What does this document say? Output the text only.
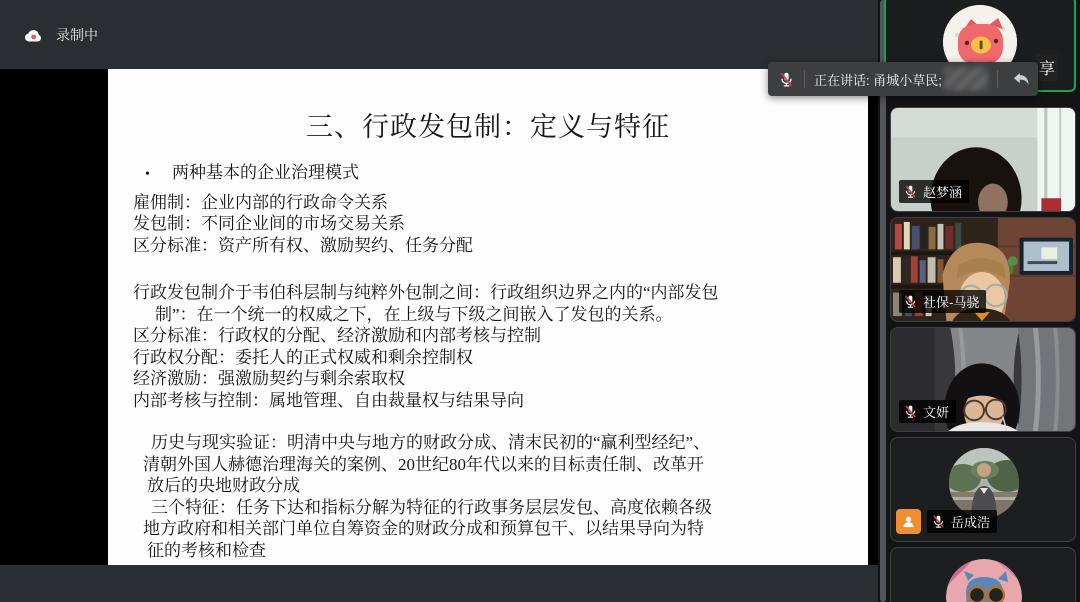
录制中
三、行政发包制：定义与特征
• 两种基本的企业治理模式
雇佣制：企业内部的行政命令关系
发包制：不同企业间的市场交易关系
区分标准：资产所有权、激励契约、任务分配
行政发包制介于韦伯科层制与纯粹外包制之间：行政组织边界之内的“内部发包
制”：在一个统一的权威之下，在上级与下级之间嵌入了发包的关系。
区分标准：行政权的分配、经济激励和内部考核与控制
行政权分配：委托人的正式权威和剩余控制权
经济激励：强激励契约与剩余索取权
内部考核与控制：属地管理、自由裁量权与结果导向
历史与现实验证：明清中央与地方的财政分成、清末民初的“赢利型经纪”、
清朝外国人赫德治理海关的案例、20世纪80年代以来的目标责任制、改革开
放后的央地财政分成
三个特征：任务下达和指标分解为特征的行政事务层层发包、高度依赖各级
地方政府和相关部门单位自筹资金的财政分成和预算包干、以结果导向为特
征的考核和检查
享
赵梦涵
社保-马骁
文妍
岳成浩
正在讲话: 甬城小草民;
